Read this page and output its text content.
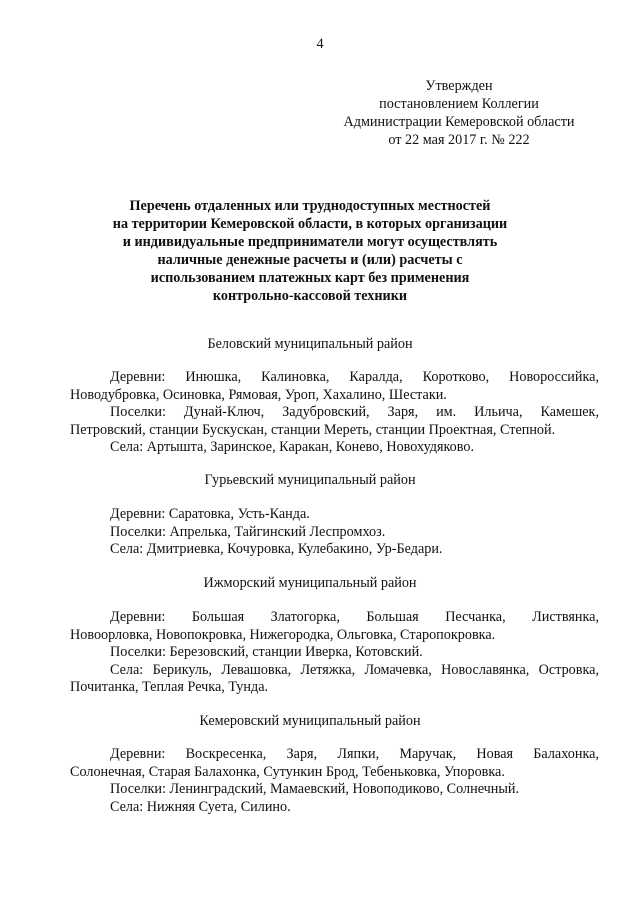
4
Утвержден
постановлением Коллегии
Администрации Кемеровской области
от 22 мая 2017 г. № 222
Перечень отдаленных или труднодоступных местностей
на территории Кемеровской области, в которых организации
и индивидуальные предприниматели могут осуществлять
наличные денежные расчеты и (или) расчеты с
использованием платежных карт без применения
контрольно-кассовой техники
Беловский муниципальный район
Деревни: Инюшка, Калиновка, Каралда, Коротково, Новороссийка,
Новодубровка, Осиновка, Рямовая, Уроп, Хахалино, Шестаки.
Поселки: Дунай-Ключ, Задубровский, Заря, им. Ильича, Камешек,
Петровский, станции Бускускан, станции Мереть, станции Проектная, Степной.
Села: Артышта, Заринское, Каракан, Конево, Новохудяково.
Гурьевский муниципальный район
Деревни: Саратовка, Усть-Канда.
Поселки: Апрелька, Тайгинский Леспромхоз.
Села: Дмитриевка, Кочуровка, Кулебакино, Ур-Бедари.
Ижморский муниципальный район
Деревни: Большая Златогорка, Большая Песчанка, Листвянка,
Новоорловка, Новопокровка, Нижегородка, Ольговка, Старопокровка.
Поселки: Березовский, станции Иверка, Котовский.
Села: Берикуль, Левашовка, Летяжка, Ломачевка, Новославянка, Островка,
Почитанка, Теплая Речка, Тунда.
Кемеровский муниципальный район
Деревни: Воскресенка, Заря, Ляпки, Маручак, Новая Балахонка,
Солонечная, Старая Балахонка, Сутункин Брод, Тебеньковка, Упоровка.
Поселки: Ленинградский, Мамаевский, Новоподиково, Солнечный.
Села: Нижняя Суета, Силино.
